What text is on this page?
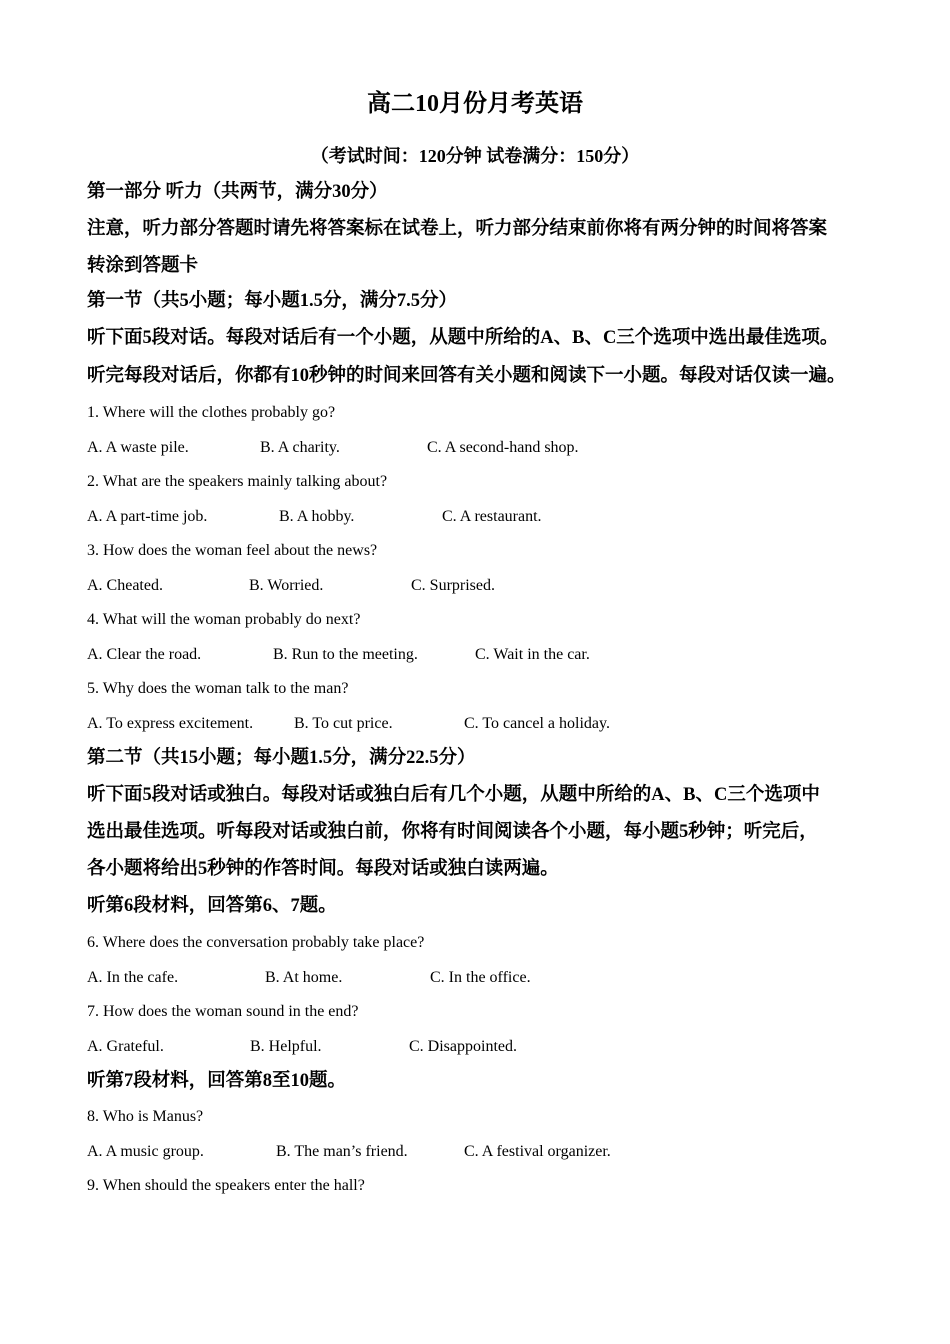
高二10月份月考英语
（考试时间：120分钟 试卷满分：150分）
第一部分 听力（共两节，满分30分）
注意，听力部分答题时请先将答案标在试卷上，听力部分结束前你将有两分钟的时间将答案
转涂到答题卡
第一节（共5小题；每小题1.5分，满分7.5分）
听下面5段对话。每段对话后有一个小题，从题中所给的A、B、C三个选项中选出最佳选项。
听完每段对话后，你都有10秒钟的时间来回答有关小题和阅读下一小题。每段对话仅读一遍。
1. Where will the clothes probably go?
A. A waste pile.	B. A charity.	C. A second-hand shop.
2. What are the speakers mainly talking about?
A. A part-time job.	B. A hobby.	C. A restaurant.
3. How does the woman feel about the news?
A. Cheated.	B. Worried.	C. Surprised.
4. What will the woman probably do next?
A. Clear the road.	B. Run to the meeting.	C. Wait in the car.
5. Why does the woman talk to the man?
A. To express excitement.	B. To cut price.	C. To cancel a holiday.
第二节（共15小题；每小题1.5分，满分22.5分）
听下面5段对话或独白。每段对话或独白后有几个小题，从题中所给的A、B、C三个选项中
选出最佳选项。听每段对话或独白前，你将有时间阅读各个小题，每小题5秒钟；听完后，
各小题将给出5秒钟的作答时间。每段对话或独白读两遍。
听第6段材料，回答第6、7题。
6. Where does the conversation probably take place?
A. In the cafe.	B. At home.	C. In the office.
7. How does the woman sound in the end?
A. Grateful.	B. Helpful.	C. Disappointed.
听第7段材料，回答第8至10题。
8. Who is Manus?
A. A music group.	B. The man’s friend.	C. A festival organizer.
9. When should the speakers enter the hall?
